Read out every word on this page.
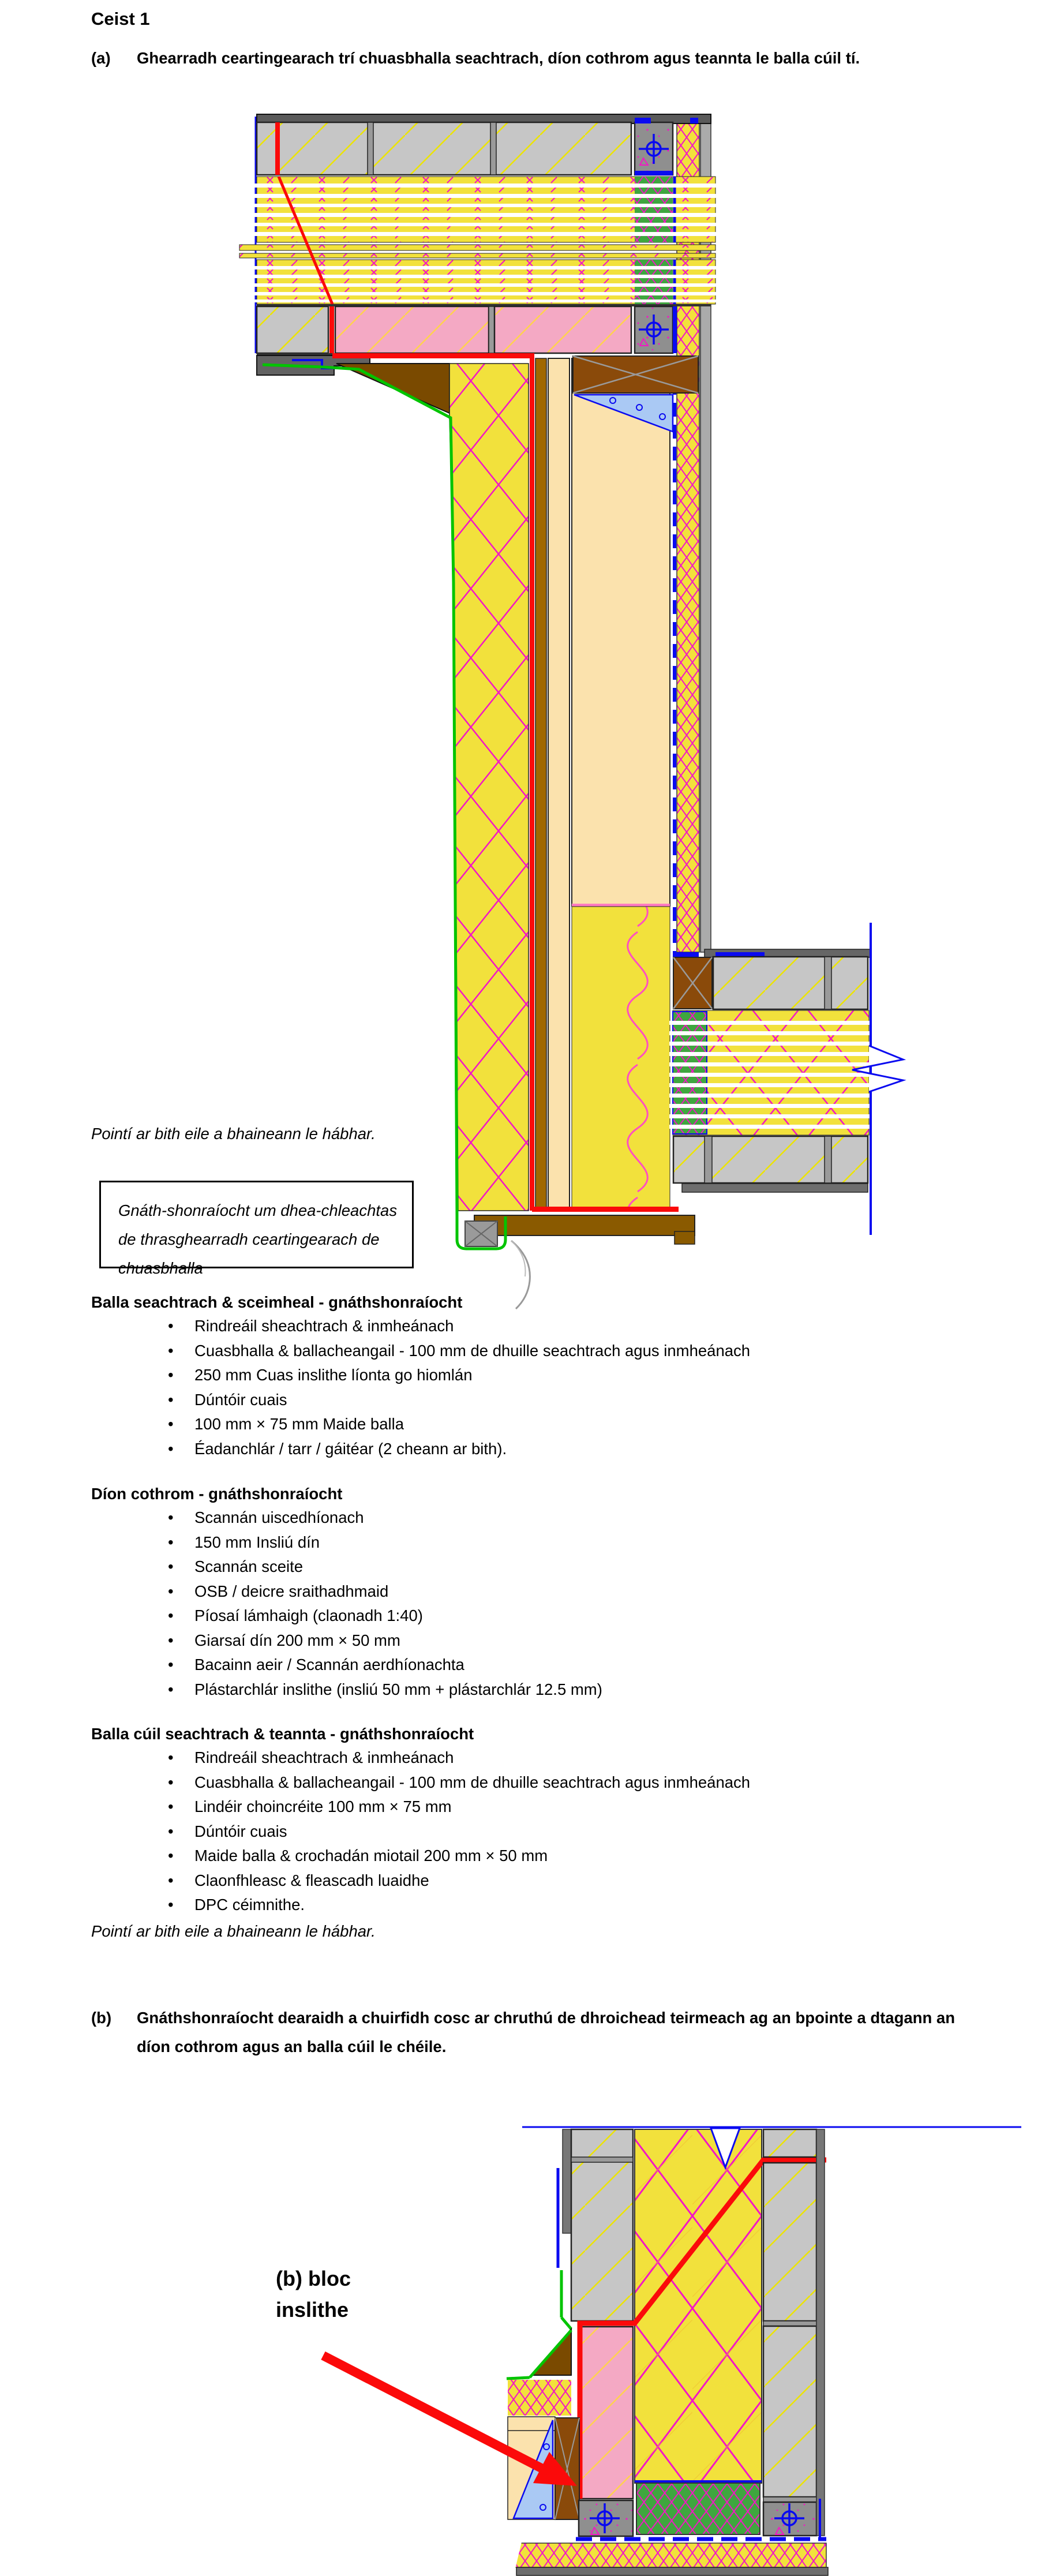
Ceist 1
(a) Ghearradh ceartingearach trí chuasbhalla seachtrach, díon cothrom agus teannta le balla cúil tí.
Pointí ar bith eile a bhaineann le hábhar.
Gnáth-shonraíocht um dhea-chleachtas de thrasghearradh ceartingearach de chuasbhalla
Balla seachtrach & sceimheal - gnáthshonraíocht
• Rindreáil sheachtrach & inmheánach
• Cuasbhalla & ballacheangail - 100 mm de dhuille seachtrach agus inmheánach
• 250 mm Cuas inslithe líonta go hiomlán
• Dúntóir cuais
• 100 mm × 75 mm Maide balla
• Éadanchlár / tarr / gáitéar (2 cheann ar bith).
Díon cothrom - gnáthshonraíocht
• Scannán uiscedhíonach
• 150 mm Insliú dín
• Scannán sceite
• OSB / deicre sraithadhmaid
• Píosaí lámhaigh (claonadh 1:40)
• Giarsaí dín 200 mm × 50 mm
• Bacainn aeir / Scannán aerdhíonachta
• Plástarchlár inslithe (insliú 50 mm + plástarchlár 12.5 mm)
Balla cúil seachtrach & teannta - gnáthshonraíocht
• Rindreáil sheachtrach & inmheánach
• Cuasbhalla & ballacheangail - 100 mm de dhuille seachtrach agus inmheánach
• Lindéir choincréite 100 mm × 75 mm
• Dúntóir cuais
• Maide balla & crochadán miotail 200 mm × 50 mm
• Claonfhleasc & fleascadh luaidhe
• DPC céimnithe.
Pointí ar bith eile a bhaineann le hábhar.
(b) Gnáthshonraíocht dearaidh a chuirfidh cosc ar chruthú de dhroichead teirmeach ag an bpointe a dtagann an díon cothrom agus an balla cúil le chéile.
(b) bloc inslithe
